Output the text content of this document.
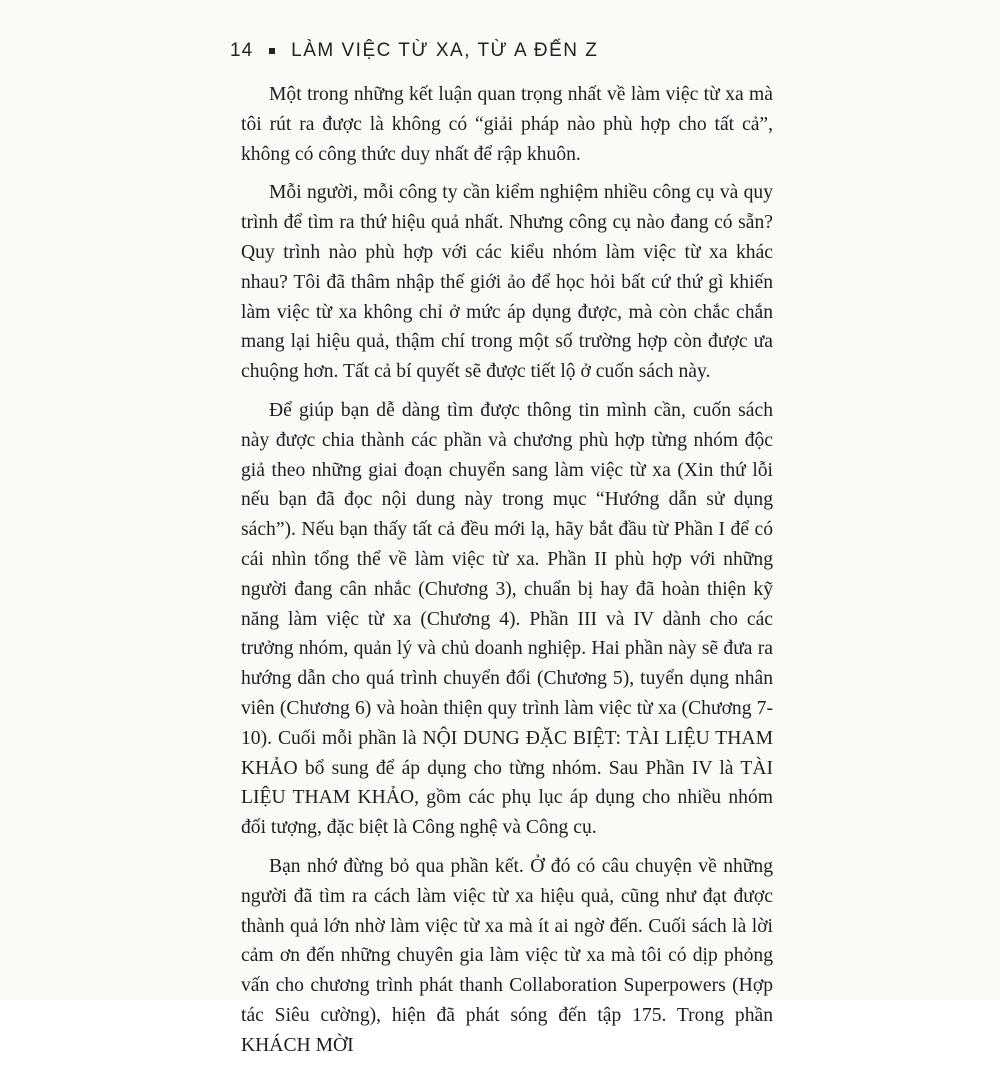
14 LÀM VIỆC TỪ XA, TỪ A ĐẾN Z

Một trong những kết luận quan trọng nhất về làm việc từ xa mà tôi rút ra được là không có “giải pháp nào phù hợp cho tất cả”, không có công thức duy nhất để rập khuôn.

Mỗi người, mỗi công ty cần kiểm nghiệm nhiều công cụ và quy trình để tìm ra thứ hiệu quả nhất. Nhưng công cụ nào đang có sẵn? Quy trình nào phù hợp với các kiểu nhóm làm việc từ xa khác nhau? Tôi đã thâm nhập thế giới ảo để học hỏi bất cứ thứ gì khiến làm việc từ xa không chỉ ở mức áp dụng được, mà còn chắc chắn mang lại hiệu quả, thậm chí trong một số trường hợp còn được ưa chuộng hơn. Tất cả bí quyết sẽ được tiết lộ ở cuốn sách này.

Để giúp bạn dễ dàng tìm được thông tin mình cần, cuốn sách này được chia thành các phần và chương phù hợp từng nhóm độc giả theo những giai đoạn chuyển sang làm việc từ xa (Xin thứ lỗi nếu bạn đã đọc nội dung này trong mục “Hướng dẫn sử dụng sách”). Nếu bạn thấy tất cả đều mới lạ, hãy bắt đầu từ Phần I để có cái nhìn tổng thể về làm việc từ xa. Phần II phù hợp với những người đang cân nhắc (Chương 3), chuẩn bị hay đã hoàn thiện kỹ năng làm việc từ xa (Chương 4). Phần III và IV dành cho các trưởng nhóm, quản lý và chủ doanh nghiệp. Hai phần này sẽ đưa ra hướng dẫn cho quá trình chuyển đổi (Chương 5), tuyển dụng nhân viên (Chương 6) và hoàn thiện quy trình làm việc từ xa (Chương 7-10). Cuối mỗi phần là NỘI DUNG ĐẶC BIỆT: TÀI LIỆU THAM KHẢO bổ sung để áp dụng cho từng nhóm. Sau Phần IV là TÀI LIỆU THAM KHẢO, gồm các phụ lục áp dụng cho nhiều nhóm đối tượng, đặc biệt là Công nghệ và Công cụ.

Bạn nhớ đừng bỏ qua phần kết. Ở đó có câu chuyện về những người đã tìm ra cách làm việc từ xa hiệu quả, cũng như đạt được thành quả lớn nhờ làm việc từ xa mà ít ai ngờ đến. Cuối sách là lời cảm ơn đến những chuyên gia làm việc từ xa mà tôi có dịp phỏng vấn cho chương trình phát thanh Collaboration Superpowers (Hợp tác Siêu cường), hiện đã phát sóng đến tập 175. Trong phần KHÁCH MỜI
